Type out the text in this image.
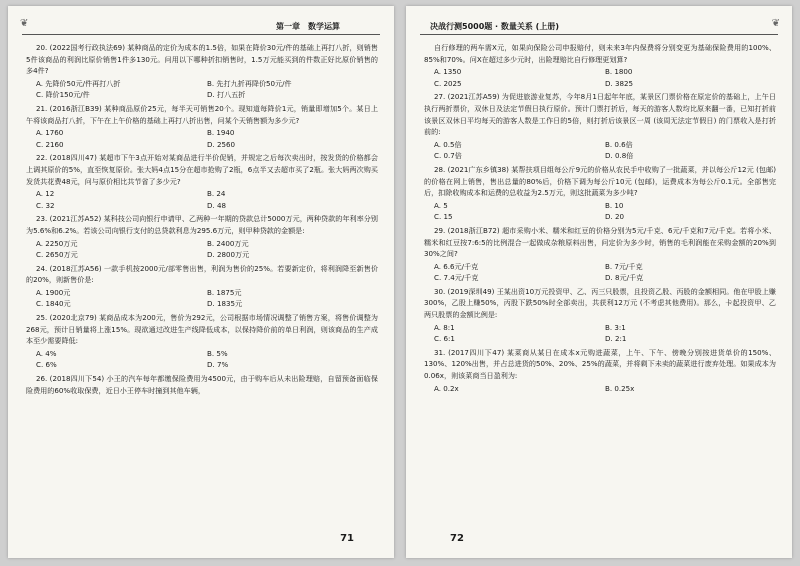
❦	第一章　数学运算

20. (2022国考行政执法69) 某种商品的定价为成本的1.5倍，如果在降价30元/件的基础上再打八折，则销售5件该商品的利润比原价销售1件多130元。问用以下哪种折扣销售时，1.5万元能买到的件数正好比原价销售的多4件?

A. 先降价50元/件再打八折	B. 先打九折再降价50元/件
C. 降价150元/件	D. 打八五折

21. (2016浙江B39) 某种商品原价25元，每半天可销售20个。现知道每降价1元，销量即增加5个。某日上午将该商品打八折，下午在上午价格的基础上再打八折出售，问某个天销售额为多少元?

A. 1760	B. 1940
C. 2160	D. 2560

22. (2018四川47) 某超市下午3点开始对某商品进行半价促销，并规定之后每次卖出时，按发货的价格都会上调其原价的5%，直至恢复原价。张大妈4点15分在超市抢购了2瓶，6点半又去超市买了2瓶。张大妈两次购买发货共花费48元，问与原价相比共节省了多少元?

A. 12	B. 24
C. 32	D. 48

23. (2021江苏A52) 某科技公司向银行申请甲、乙两种一年期的贷款总计5000万元，两种贷款的年利率分别为5.6%和6.2%。若该公司向银行支付的总贷款利息为295.6万元，则甲种贷款的金额是:

A. 2250万元	B. 2400万元
C. 2650万元	D. 2800万元

24. (2018江苏A56) 一款手机按2000元/部零售出售，利润为售价的25%。若要新定价，将利润降至新售价的20%，则新售价是:

A. 1900元	B. 1875元
C. 1840元	D. 1835元

25. (2020北京79) 某商品成本为200元，售价为292元，公司根据市场情况调整了销售方案，将售价调整为268元，预计日销量将上涨15%。现欲通过改进生产线降低成本，以保持降价前的单日利润，则该商品的生产成本至少需要降低:

A. 4%	B. 5%
C. 6%	D. 7%

26. (2018四川下54) 小王的汽车每年都缴保险费用为4500元，由于购车后从未出险理赔，自留预备面临保险费用的60%收取保费，近日小王停车时撞到其他车辆，

71
决战行测5000题 · 数量关系 (上册)	❦

自行修理的两车需X元，如果向保险公司申报赔付，则未来3年内保费将分别变更为基础保险费用的100%、85%和70%。问X在超过多少元时，出险理赔比自行修理更划算?

A. 1350	B. 1800
C. 2025	D. 3825

27. (2021江苏A59) 为促进旅游业复苏，今年8月1日起年年底，某景区门票价格在原定价的基础上，上午日执行两折票价，双休日及法定节假日执行原价。预计门票打折后，每天的游客人数均比原来翻一番，已知打折前该景区双休日平均每天的游客人数是工作日的5倍，则打折后该景区一周 (该周无法定节假日) 的门票收入是打折前的:

A. 0.5倍	B. 0.6倍
C. 0.7倍	D. 0.8倍

28. (2021广东乡镇38) 某帮扶项目组每公斤9元的价格从农民手中收购了一批蔬菜，并以每公斤12元 (包邮) 的价格在网上销售，售出总量的80%后，价格下调为每公斤10元 (包邮)，运费成本为每公斤0.1元。全部售完后，扣除收购成本和运费的总收益为2.5万元，则这批蔬菜为多少吨?

A. 5	B. 10
C. 15	D. 20

29. (2018浙江B72) 超市采购小米、糯米和红豆的价格分别为5元/千克、6元/千克和7元/千克。若将小米、糯米和红豆按7:6:5的比例混合一起做成杂粮原料出售，问定价为多少时，销售的毛利润能在采购金额的20%到30%之间?

A. 6.6元/千克	B. 7元/千克
C. 7.4元/千克	D. 8元/千克

30. (2019深圳49) 王某出资10万元投资甲、乙、丙三只股票，且投资乙股、丙股的金额相同。他在甲股上赚300%，乙股上赚50%，丙股下跌50%时全部卖出，共获利12万元 (不考虑其他费用)。那么，卡起投资甲、乙两只股票的金额比例是:

A. 8:1	B. 3:1
C. 6:1	D. 2:1

31. (2017四川下47) 某菜商从某日在成本x元购进蔬菜，上午、下午、傍晚分别按进货单价的150%、130%、120%出售，并占总进货的50%、20%、25%的蔬菜，并将剩下未卖的蔬菜进行废弃处理。如果成本为0.06x，则该菜商当日盈利为:

A. 0.2x	B. 0.25x
72
